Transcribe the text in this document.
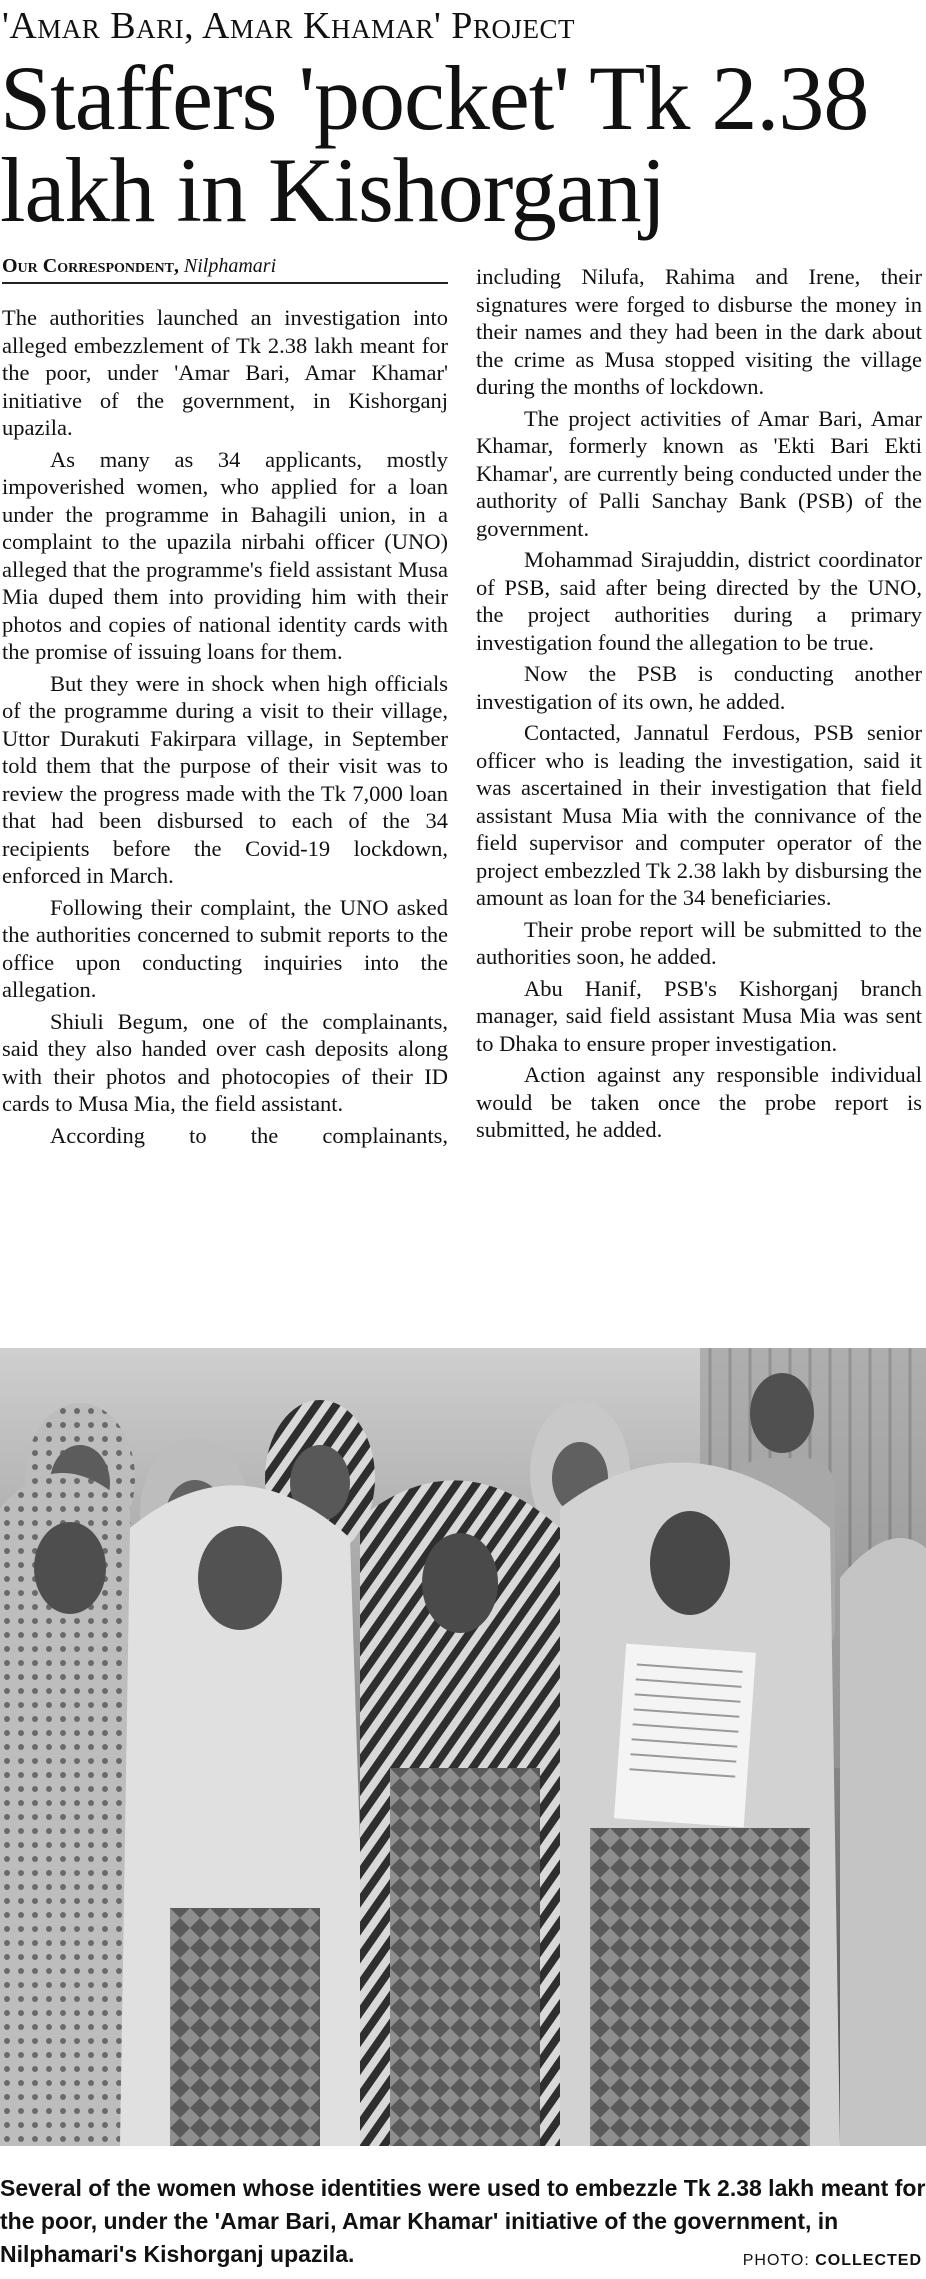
'Amar Bari, Amar Khamar' Project
Staffers 'pocket' Tk 2.38
lakh in Kishorganj
Our Correspondent, Nilphamari

The authorities launched an investigation into alleged embezzlement of Tk 2.38 lakh meant for the poor, under 'Amar Bari, Amar Khamar' initiative of the government, in Kishorganj upazila.

As many as 34 applicants, mostly impoverished women, who applied for a loan under the programme in Bahagili union, in a complaint to the upazila nirbahi officer (UNO) alleged that the programme's field assistant Musa Mia duped them into providing him with their photos and copies of national identity cards with the promise of issuing loans for them.

But they were in shock when high officials of the programme during a visit to their village, Uttor Durakuti Fakirpara village, in September told them that the purpose of their visit was to review the progress made with the Tk 7,000 loan that had been disbursed to each of the 34 recipients before the Covid-19 lockdown, enforced in March.

Following their complaint, the UNO asked the authorities concerned to submit reports to the office upon conducting inquiries into the allegation.

Shiuli Begum, one of the complainants, said they also handed over cash deposits along with their photos and photocopies of their ID cards to Musa Mia, the field assistant.

According to the complainants,

including Nilufa, Rahima and Irene, their signatures were forged to disburse the money in their names and they had been in the dark about the crime as Musa stopped visiting the village during the months of lockdown.

The project activities of Amar Bari, Amar Khamar, formerly known as 'Ekti Bari Ekti Khamar', are currently being conducted under the authority of Palli Sanchay Bank (PSB) of the government.

Mohammad Sirajuddin, district coordinator of PSB, said after being directed by the UNO, the project authorities during a primary investigation found the allegation to be true.

Now the PSB is conducting another investigation of its own, he added.

Contacted, Jannatul Ferdous, PSB senior officer who is leading the investigation, said it was ascertained in their investigation that field assistant Musa Mia with the connivance of the field supervisor and computer operator of the project embezzled Tk 2.38 lakh by disbursing the amount as loan for the 34 beneficiaries.

Their probe report will be submitted to the authorities soon, he added.

Abu Hanif, PSB's Kishorganj branch manager, said field assistant Musa Mia was sent to Dhaka to ensure proper investigation.

Action against any responsible individual would be taken once the probe report is submitted, he added.

Several of the women whose identities were used to embezzle Tk 2.38 lakh meant for the poor, under the 'Amar Bari, Amar Khamar' initiative of the government, in Nilphamari's Kishorganj upazila.	PHOTO: COLLECTED
